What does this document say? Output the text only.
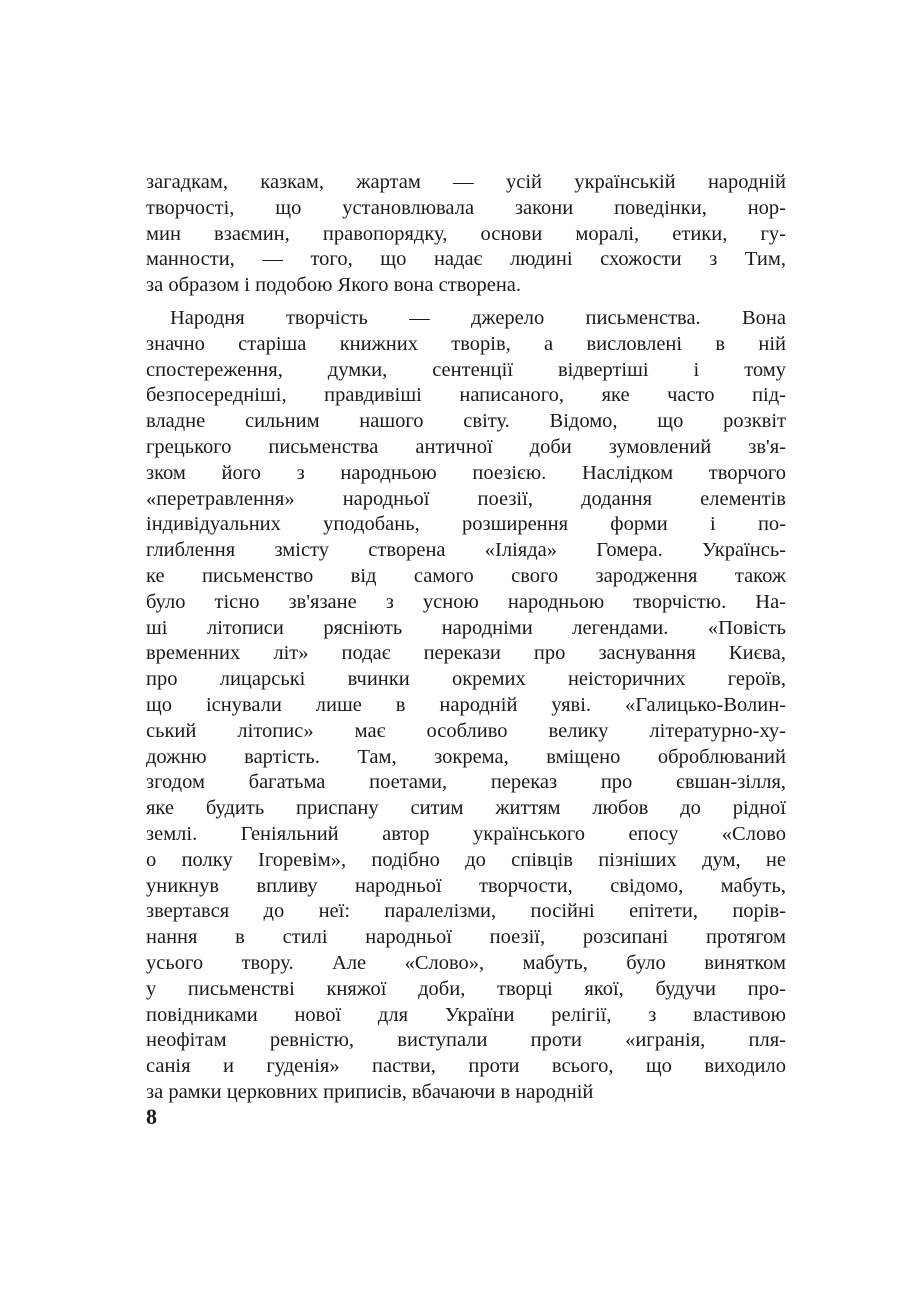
загадкам, казкам, жартам — усій українській народній
творчості, що установлювала закони поведінки, нор-
мин взаємин, правопорядку, основи моралі, етики, гу-
манности, — того, що надає людині схожости з Тим,
за образом і подобою Якого вона створена.
Народня творчість — джерело письменства. Вона
значно старіша книжних творів, а висловлені в ній
спостереження, думки, сентенції відвертіші і тому
безпосередніші, правдивіші написаного, яке часто під-
владне сильним нашого світу. Відомо, що розквіт
грецького письменства античної доби зумовлений зв'я-
зком його з народньою поезією. Наслідком творчого
«перетравлення» народньої поезії, додання елементів
індивідуальних уподобань, розширення форми і по-
глиблення змісту створена «Іліяда» Гомера. Українсь-
ке письменство від самого свого зародження також
було тісно зв'язане з усною народньою творчістю. На-
ші літописи рясніють народніми легендами. «Повість
временних літ» подає перекази про заснування Києва,
про лицарські вчинки окремих неісторичних героїв,
що існували лише в народній уяві. «Галицько-Волин-
ський літопис» має особливо велику літературно-ху-
дожню вартість. Там, зокрема, вміщено оброблюваний
згодом багатьма поетами, переказ про євшан-зілля,
яке будить приспану ситим життям любов до рідної
землі. Геніяльний автор українського епосу «Слово
о полку Ігоревім», подібно до співців пізніших дум, не
уникнув впливу народньої творчости, свідомо, мабуть,
звертався до неї: паралелізми, посійні епітети, порів-
нання в стилі народньої поезії, розсипані протягом
усього твору. Але «Слово», мабуть, було винятком
у письменстві княжої доби, творці якої, будучи про-
повідниками нової для України релігії, з властивою
неофітам ревністю, виступали проти «игранія, пля-
санія и гуденія» пастви, проти всього, що виходило
за рамки церковних приписів, вбачаючи в народній
8
